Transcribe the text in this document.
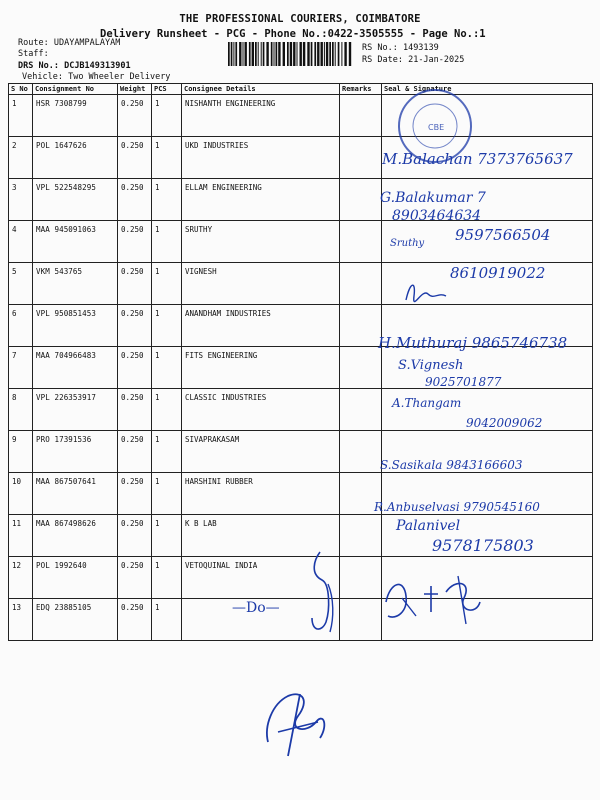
THE PROFESSIONAL COURIERS, COIMBATORE
Delivery Runsheet - PCG - Phone No.:0422-3505555 - Page No.:1
Route: UDAYAMPALAYAM
Staff:
DRS No.: DCJB149313901
Vehicle: Two Wheeler Delivery
RS No.: 1493139
RS Date: 21-Jan-2025
S No	Consignment No	Weight	PCS	Consignee Details	Remarks	Seal & Signature
1	HSR 7308799	0.250	1	NISHANTH ENGINEERING		
2	POL 1647626	0.250	1	UKD INDUSTRIES		
3	VPL 522548295	0.250	1	ELLAM ENGINEERING		
4	MAA 945091063	0.250	1	SRUTHY		
5	VKM 543765	0.250	1	VIGNESH		
6	VPL 950851453	0.250	1	ANANDHAM INDUSTRIES		
7	MAA 704966483	0.250	1	FITS ENGINEERING		
8	VPL 226353917	0.250	1	CLASSIC INDUSTRIES		
9	PRO 17391536	0.250	1	SIVAPRAKASAM		
10	MAA 867507641	0.250	1	HARSHINI RUBBER		
11	MAA 867498626	0.250	1	K B LAB		
12	POL 1992640	0.250	1	VETOQUINAL INDIA		
13	EDQ 23885105	0.250	1			
M.Balachan 7373765637
G.Balakumar 7
8903464634
Sruthy 9597566504
8610919022
H.Muthuraj 9865746738
S.Vignesh
9025701877
A.Thangam
9042009062
S.Sasikala 9843166603
R.Anbuselvasi 9790545160
Palanivel
9578175803
—Do—
CBE
